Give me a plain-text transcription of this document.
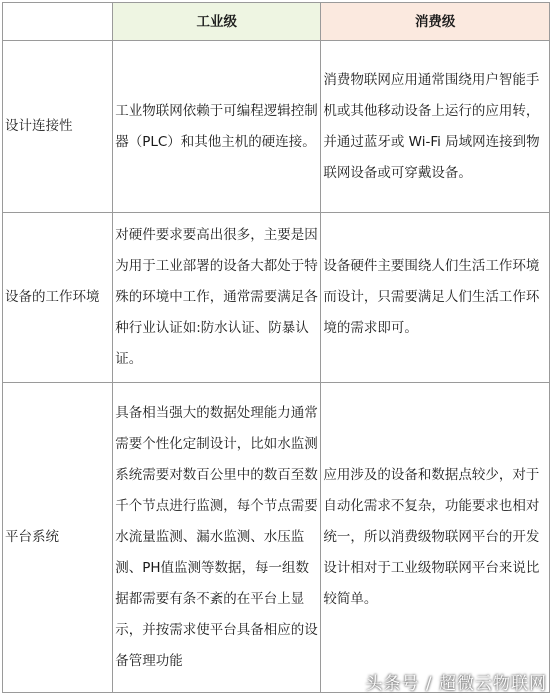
	工业级	消费级
设计连接性	工业物联网依赖于可编程逻辑控制器（PLC）和其他主机的硬连接。	消费物联网应用通常围绕用户智能手机或其他移动设备上运行的应用转，并通过蓝牙或 Wi-Fi 局域网连接到物联网设备或可穿戴设备。
设备的工作环境	对硬件要求要高出很多，主要是因为用于工业部署的设备大都处于特殊的环境中工作，通常需要满足各种行业认证如:防水认证、防暴认证。	设备硬件主要围绕人们生活工作环境而设计，只需要满足人们生活工作环境的需求即可。
平台系统	具备相当强大的数据处理能力通常需要个性化定制设计，比如水监测系统需要对数百公里中的数百至数千个节点进行监测，每个节点需要水流量监测、漏水监测、水压监测、PH值监测等数据，每一组数据都需要有条不紊的在平台上显示，并按需求使平台具备相应的设备管理功能	应用涉及的设备和数据点较少，对于自动化需求不复杂，功能要求也相对统一，所以消费级物联网平台的开发设计相对于工业级物联网平台来说比较简单。
头条号 / 超微云物联网
